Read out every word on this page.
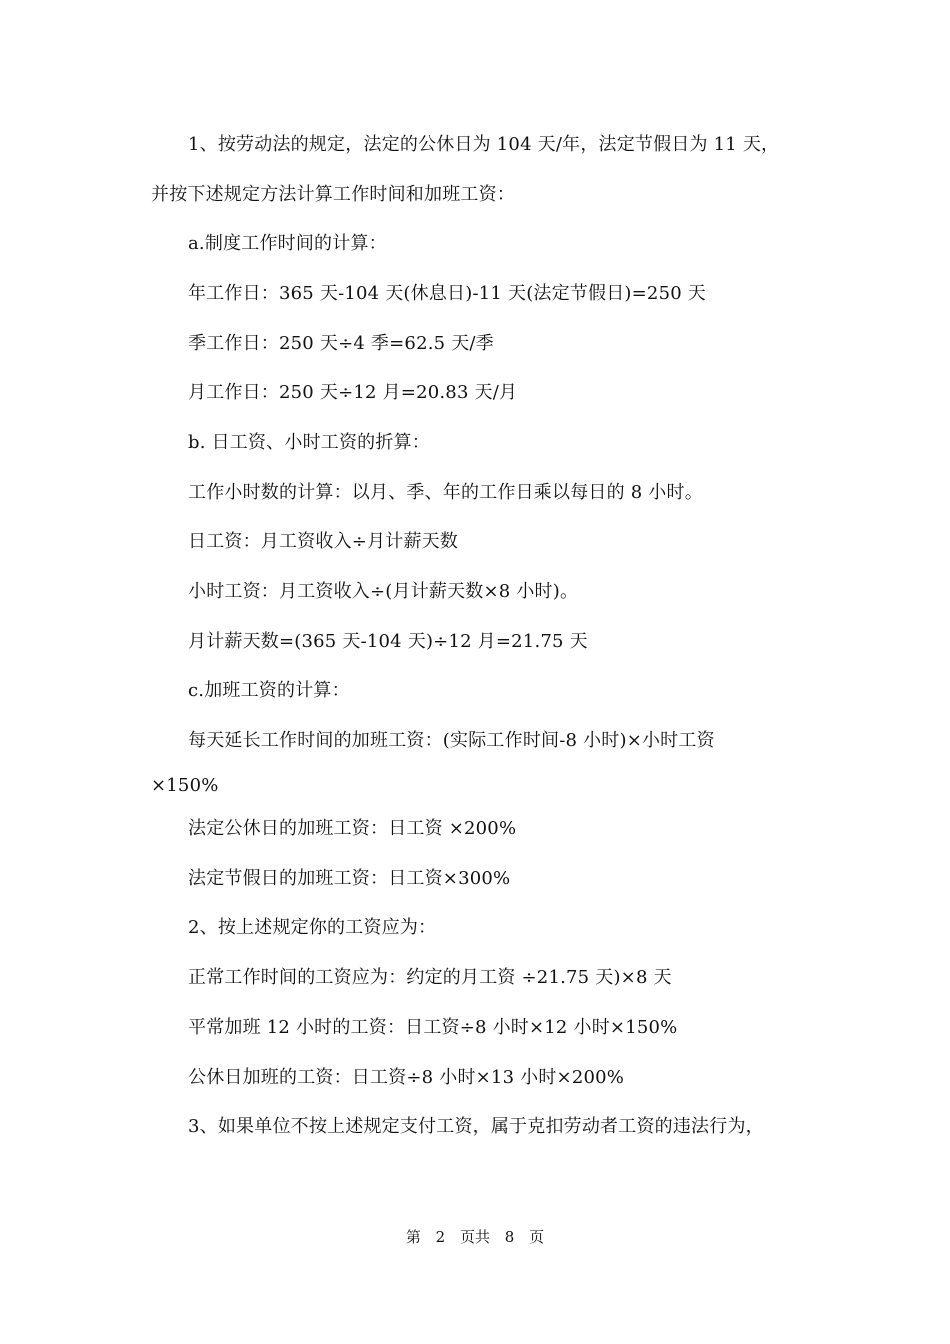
1、按劳动法的规定，法定的公休日为 104 天/年，法定节假日为 11 天，
并按下述规定方法计算工作时间和加班工资：
a.制度工作时间的计算：
年工作日：365 天-104 天(休息日)-11 天(法定节假日)=250 天
季工作日：250 天÷4 季=62.5 天/季
月工作日：250 天÷12 月=20.83 天/月
b. 日工资、小时工资的折算：
工作小时数的计算：以月、季、年的工作日乘以每日的 8 小时。
日工资：月工资收入÷月计薪天数
小时工资：月工资收入÷(月计薪天数×8 小时)。
月计薪天数=(365 天-104 天)÷12 月=21.75 天
c.加班工资的计算：
每天延长工作时间的加班工资：(实际工作时间-8 小时)×小时工资
×150%
法定公休日的加班工资：日工资 ×200%
法定节假日的加班工资：日工资×300%
2、按上述规定你的工资应为：
正常工作时间的工资应为：约定的月工资 ÷21.75 天)×8 天
平常加班 12 小时的工资：日工资÷8 小时×12 小时×150%
公休日加班的工资：日工资÷8 小时×13 小时×200%
3、如果单位不按上述规定支付工资，属于克扣劳动者工资的违法行为，
第 2 页共 8 页
